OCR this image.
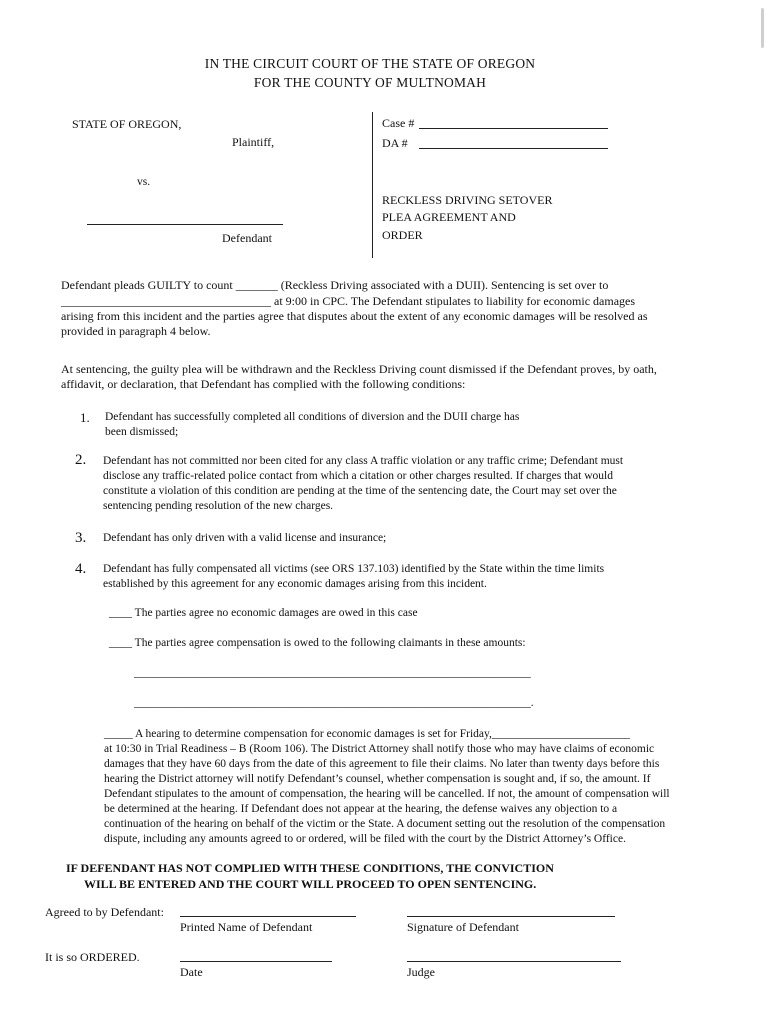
IN THE CIRCUIT COURT OF THE STATE OF OREGON
FOR THE COUNTY OF MULTNOMAH
STATE OF OREGON,
Plaintiff,
vs.
Defendant
Case #
DA #
RECKLESS DRIVING SETOVER
PLEA AGREEMENT AND
ORDER
Defendant pleads GUILTY to count _______ (Reckless Driving associated with a DUII). Sentencing is set over to
___________________________________ at 9:00 in CPC. The Defendant stipulates to liability for economic damages
arising from this incident and the parties agree that disputes about the extent of any economic damages will be resolved as
provided in paragraph 4 below.
At sentencing, the guilty plea will be withdrawn and the Reckless Driving count dismissed if the Defendant proves, by oath,
affidavit, or declaration, that Defendant has complied with the following conditions:
1. Defendant has successfully completed all conditions of diversion and the DUII charge has
been dismissed;
2. Defendant has not committed nor been cited for any class A traffic violation or any traffic crime; Defendant must
disclose any traffic-related police contact from which a citation or other charges resulted. If charges that would
constitute a violation of this condition are pending at the time of the sentencing date, the Court may set over the
sentencing pending resolution of the new charges.
3. Defendant has only driven with a valid license and insurance;
4. Defendant has fully compensated all victims (see ORS 137.103) identified by the State within the time limits
established by this agreement for any economic damages arising from this incident.
____ The parties agree no economic damages are owed in this case
____ The parties agree compensation is owed to the following claimants in these amounts:
_____________________________________________________________________
_____________________________________________________________________.
_____ A hearing to determine compensation for economic damages is set for Friday,________________________
at 10:30 in Trial Readiness – B (Room 106). The District Attorney shall notify those who may have claims of economic
damages that they have 60 days from the date of this agreement to file their claims. No later than twenty days before this
hearing the District attorney will notify Defendant’s counsel, whether compensation is sought and, if so, the amount. If
Defendant stipulates to the amount of compensation, the hearing will be cancelled. If not, the amount of compensation will
be determined at the hearing. If Defendant does not appear at the hearing, the defense waives any objection to a
continuation of the hearing on behalf of the victim or the State. A document setting out the resolution of the compensation
dispute, including any amounts agreed to or ordered, will be filed with the court by the District Attorney’s Office.
IF DEFENDANT HAS NOT COMPLIED WITH THESE CONDITIONS, THE CONVICTION
WILL BE ENTERED AND THE COURT WILL PROCEED TO OPEN SENTENCING.
Agreed to by Defendant:
Printed Name of Defendant	Signature of Defendant
It is so ORDERED.
Date	Judge
